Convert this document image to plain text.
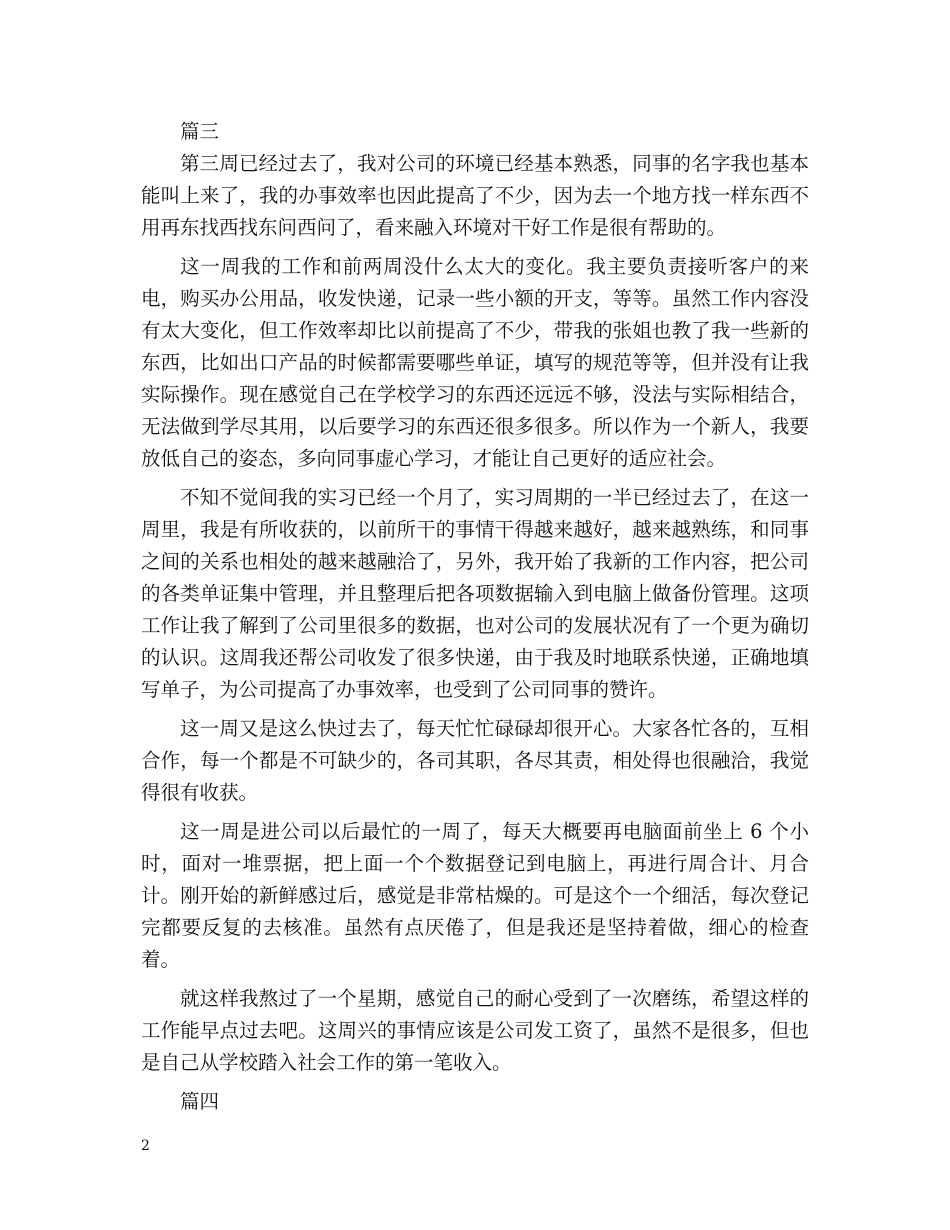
篇三

第三周已经过去了，我对公司的环境已经基本熟悉，同事的名字我也基本能叫上来了，我的办事效率也因此提高了不少，因为去一个地方找一样东西不用再东找西找东问西问了，看来融入环境对干好工作是很有帮助的。

这一周我的工作和前两周没什么太大的变化。我主要负责接听客户的来电，购买办公用品，收发快递，记录一些小额的开支，等等。虽然工作内容没有太大变化，但工作效率却比以前提高了不少，带我的张姐也教了我一些新的东西，比如出口产品的时候都需要哪些单证，填写的规范等等，但并没有让我实际操作。现在感觉自己在学校学习的东西还远远不够，没法与实际相结合，无法做到学尽其用，以后要学习的东西还很多很多。所以作为一个新人，我要放低自己的姿态，多向同事虚心学习，才能让自己更好的适应社会。

不知不觉间我的实习已经一个月了，实习周期的一半已经过去了，在这一周里，我是有所收获的，以前所干的事情干得越来越好，越来越熟练，和同事之间的关系也相处的越来越融洽了，另外，我开始了我新的工作内容，把公司的各类单证集中管理，并且整理后把各项数据输入到电脑上做备份管理。这项工作让我了解到了公司里很多的数据，也对公司的发展状况有了一个更为确切的认识。这周我还帮公司收发了很多快递，由于我及时地联系快递，正确地填写单子，为公司提高了办事效率，也受到了公司同事的赞许。

这一周又是这么快过去了，每天忙忙碌碌却很开心。大家各忙各的，互相合作，每一个都是不可缺少的，各司其职，各尽其责，相处得也很融洽，我觉得很有收获。

这一周是进公司以后最忙的一周了，每天大概要再电脑面前坐上 6 个小时，面对一堆票据，把上面一个个数据登记到电脑上，再进行周合计、月合计。刚开始的新鲜感过后，感觉是非常枯燥的。可是这个一个细活，每次登记完都要反复的去核准。虽然有点厌倦了，但是我还是坚持着做，细心的检查着。

就这样我熬过了一个星期，感觉自己的耐心受到了一次磨练，希望这样的工作能早点过去吧。这周兴的事情应该是公司发工资了，虽然不是很多，但也是自己从学校踏入社会工作的第一笔收入。

篇四

2
